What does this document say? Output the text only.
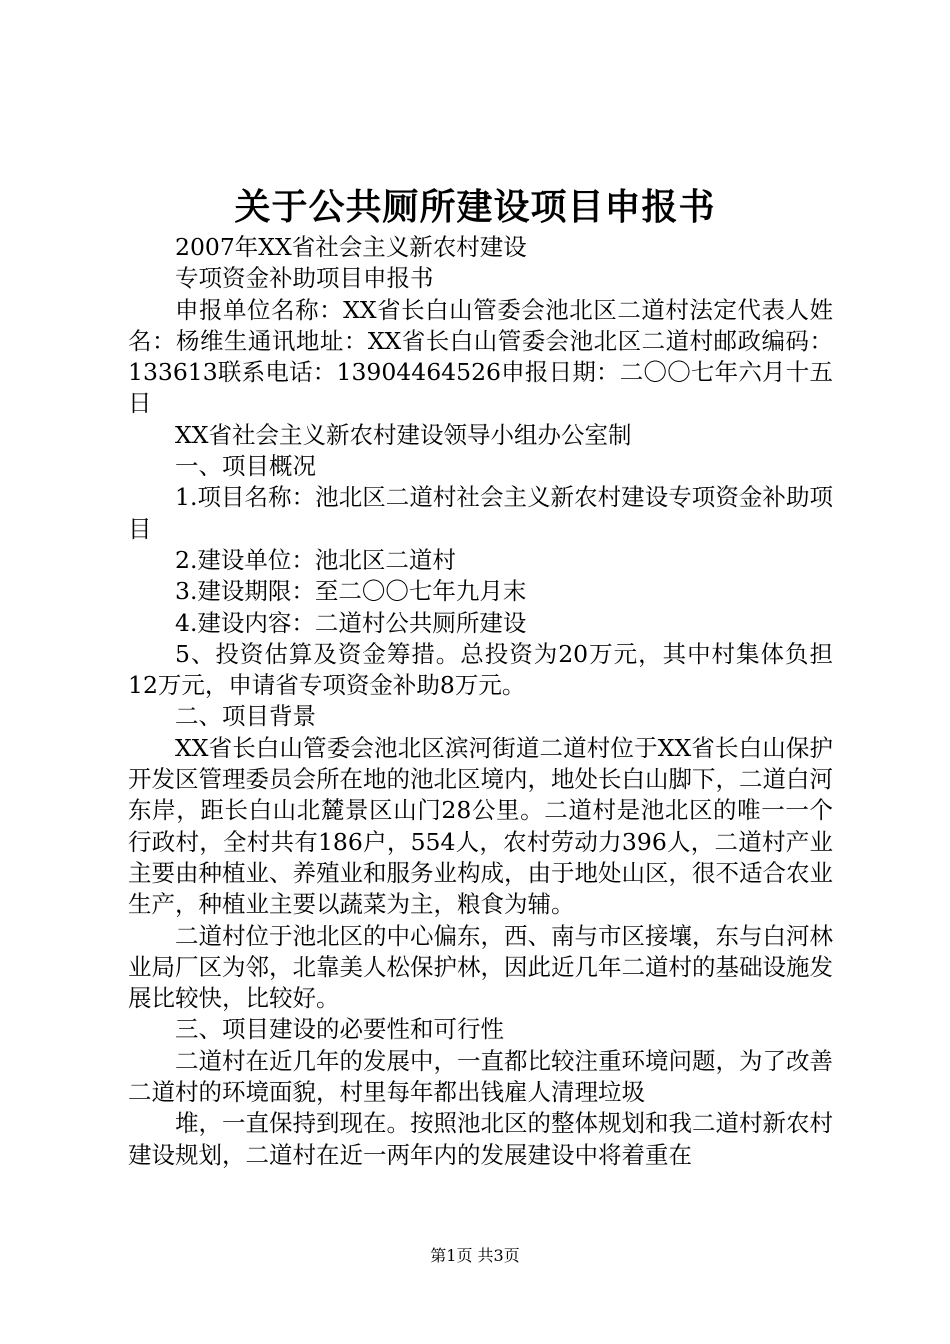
关于公共厕所建设项目申报书

2007年XX省社会主义新农村建设

专项资金补助项目申报书

申报单位名称：XX省长白山管委会池北区二道村法定代表人姓名：杨维生通讯地址：XX省长白山管委会池北区二道村邮政编码：133613联系电话：13904464526申报日期：二〇〇七年六月十五日

XX省社会主义新农村建设领导小组办公室制

一、项目概况

1.项目名称：池北区二道村社会主义新农村建设专项资金补助项目

2.建设单位：池北区二道村

3.建设期限：至二〇〇七年九月末

4.建设内容：二道村公共厕所建设

5、投资估算及资金筹措。总投资为20万元，其中村集体负担12万元，申请省专项资金补助8万元。

二、项目背景

XX省长白山管委会池北区滨河街道二道村位于XX省长白山保护开发区管理委员会所在地的池北区境内，地处长白山脚下，二道白河东岸，距长白山北麓景区山门28公里。二道村是池北区的唯一一个行政村，全村共有186户，554人，农村劳动力396人，二道村产业主要由种植业、养殖业和服务业构成，由于地处山区，很不适合农业生产，种植业主要以蔬菜为主，粮食为辅。

二道村位于池北区的中心偏东，西、南与市区接壤，东与白河林业局厂区为邻，北靠美人松保护林，因此近几年二道村的基础设施发展比较快，比较好。

三、项目建设的必要性和可行性

二道村在近几年的发展中，一直都比较注重环境问题，为了改善二道村的环境面貌，村里每年都出钱雇人清理垃圾

堆，一直保持到现在。按照池北区的整体规划和我二道村新农村建设规划，二道村在近一两年内的发展建设中将着重在

第1页 共3页
